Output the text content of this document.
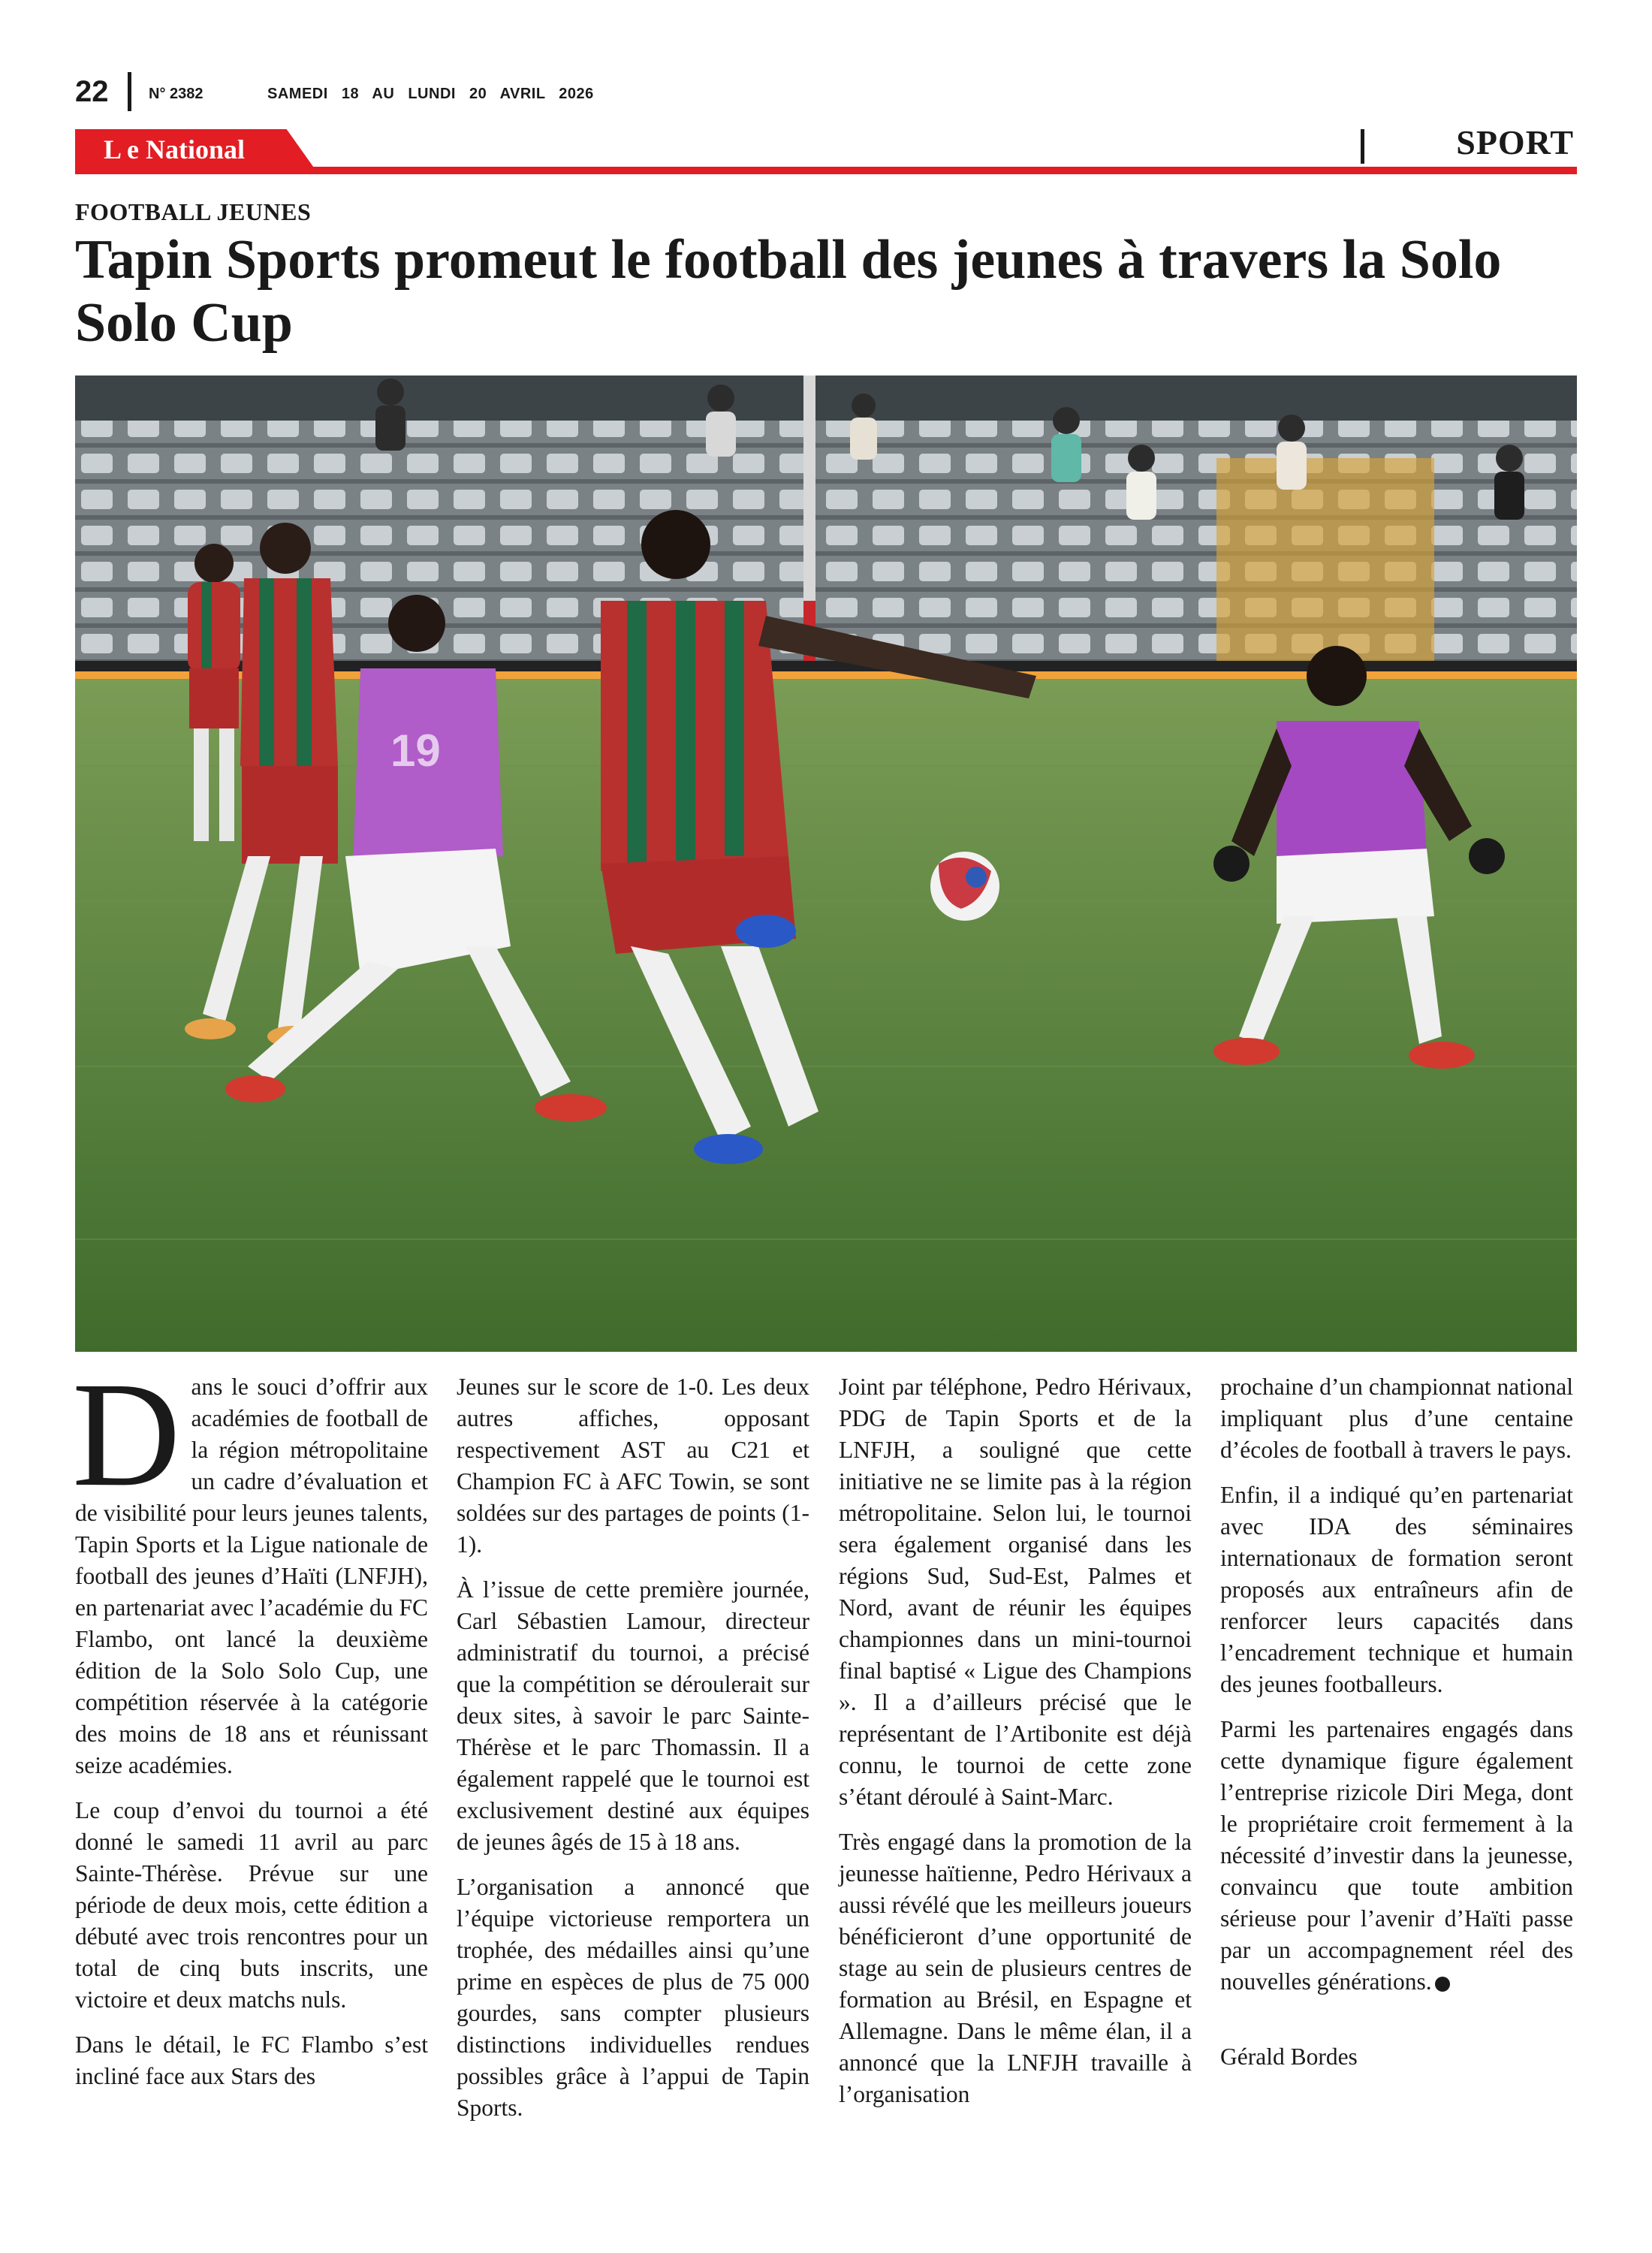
22	N° 2382	SAMEDI 18 AU LUNDI 20 AVRIL 2026
L e National	SPORT
FOOTBALL JEUNES
Tapin Sports promeut le football des jeunes à travers la Solo Solo Cup
19

Dans le souci d’offrir aux académies de football de la région métropolitaine un cadre d’évaluation et de visibilité pour leurs jeunes talents, Tapin Sports et la Ligue nationale de football des jeunes d’Haïti (LNFJH), en partenariat avec l’académie du FC Flambo, ont lancé la deuxième édition de la Solo Solo Cup, une compétition réservée à la catégorie des moins de 18 ans et réunissant seize académies.

Le coup d’envoi du tournoi a été donné le samedi 11 avril au parc Sainte-Thérèse. Prévue sur une période de deux mois, cette édition a débuté avec trois rencontres pour un total de cinq buts inscrits, une victoire et deux matchs nuls.

Dans le détail, le FC Flambo s’est incliné face aux Stars des

Jeunes sur le score de 1-0. Les deux autres affiches, opposant respectivement AST au C21 et Champion FC à AFC Towin, se sont soldées sur des partages de points (1-1).

À l’issue de cette première journée, Carl Sébastien Lamour, directeur administratif du tournoi, a précisé que la compétition se déroulerait sur deux sites, à savoir le parc Sainte-Thérèse et le parc Thomassin. Il a également rappelé que le tournoi est exclusivement destiné aux équipes de jeunes âgés de 15 à 18 ans.

L’organisation a annoncé que l’équipe victorieuse remportera un trophée, des médailles ainsi qu’une prime en espèces de plus de 75 000 gourdes, sans compter plusieurs distinctions individuelles rendues possibles grâce à l’appui de Tapin Sports.

Joint par téléphone, Pedro Hérivaux, PDG de Tapin Sports et de la LNFJH, a souligné que cette initiative ne se limite pas à la région métropolitaine. Selon lui, le tournoi sera également organisé dans les régions Sud, Sud-Est, Palmes et Nord, avant de réunir les équipes championnes dans un mini-tournoi final baptisé « Ligue des Champions ». Il a d’ailleurs précisé que le représentant de l’Artibonite est déjà connu, le tournoi de cette zone s’étant déroulé à Saint-Marc.

Très engagé dans la promotion de la jeunesse haïtienne, Pedro Hérivaux a aussi révélé que les meilleurs joueurs bénéficieront d’une opportunité de stage au sein de plusieurs centres de formation au Brésil, en Espagne et Allemagne. Dans le même élan, il a annoncé que la LNFJH travaille à l’organisation

prochaine d’un championnat national impliquant plus d’une centaine d’écoles de football à travers le pays.

Enfin, il a indiqué qu’en partenariat avec IDA des séminaires internationaux de formation seront proposés aux entraîneurs afin de renforcer leurs capacités dans l’encadrement technique et humain des jeunes footballeurs.

Parmi les partenaires engagés dans cette dynamique figure également l’entreprise rizicole Diri Mega, dont le propriétaire croit fermement à la nécessité d’investir dans la jeunesse, convaincu que toute ambition sérieuse pour l’avenir d’Haïti passe par un accompagnement réel des nouvelles générations.

Gérald Bordes
